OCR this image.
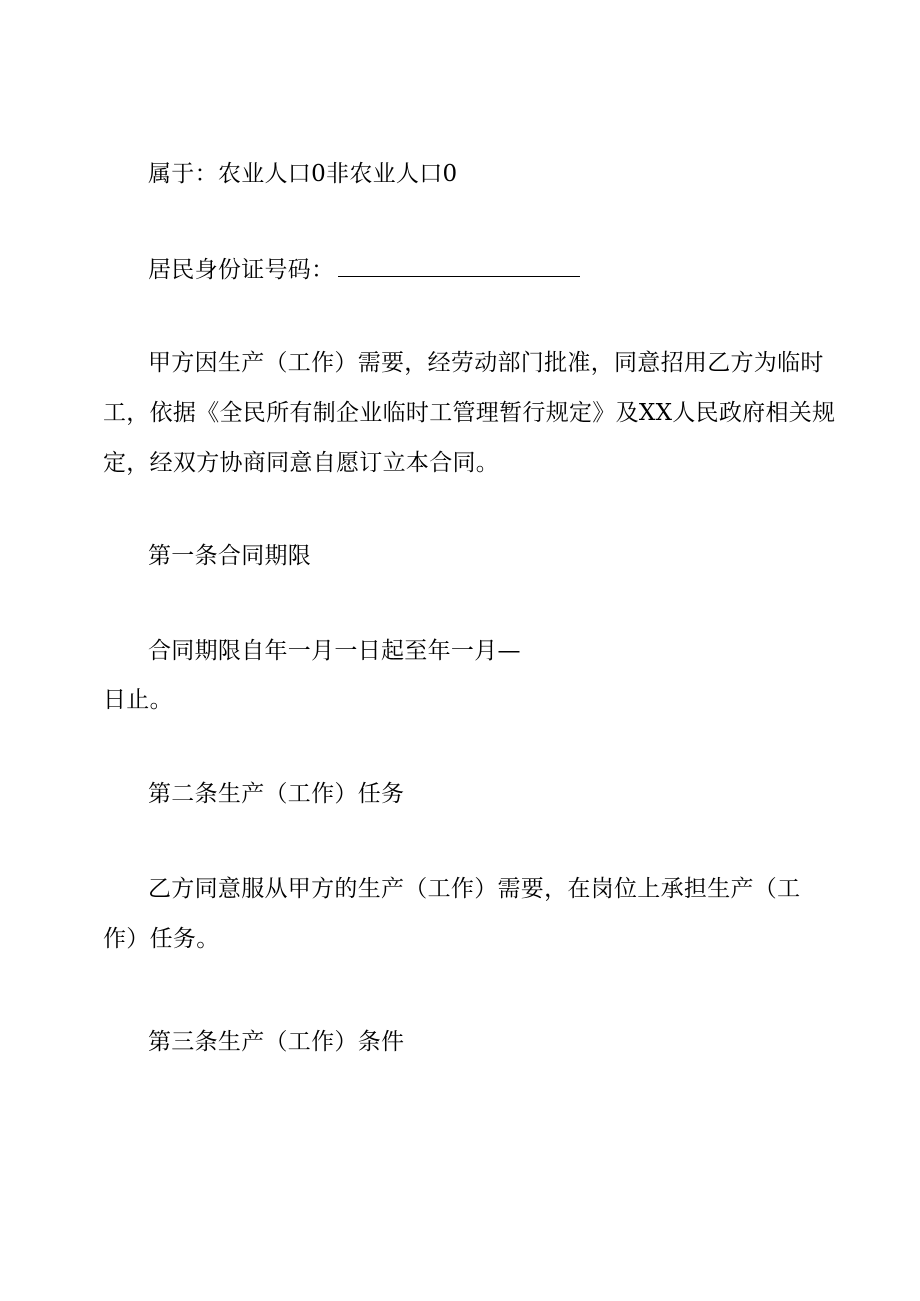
属于：农业人口0非农业人口0
居民身份证号码：
甲方因生产（工作）需要，经劳动部门批准，同意招用乙方为临时
工，依据《全民所有制企业临时工管理暂行规定》及XX人民政府相关规
定，经双方协商同意自愿订立本合同。
第一条合同期限
合同期限自年一月一日起至年一月—
日止。
第二条生产（工作）任务
乙方同意服从甲方的生产（工作）需要，在岗位上承担生产（工
作）任务。
第三条生产（工作）条件
